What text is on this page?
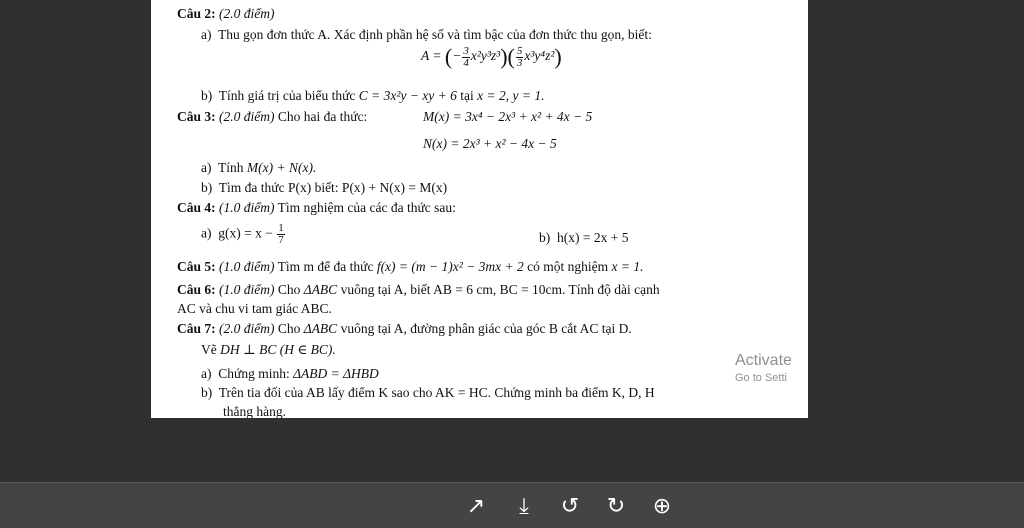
Câu 2: (2.0 điểm)
a) Thu gọn đơn thức A. Xác định phần hệ số và tìm bậc của đơn thức thu gọn, biết:
A = (− $\frac{3}{4} x^2y^3z^3)( \frac{5}{3} x^3y^4z^2)$
b) Tính giá trị của biểu thức C = 3x²y − xy + 6 tại x = 2, y = 1.
Câu 3: (2.0 điểm) Cho hai đa thức:	M(x) = 3x⁴ − 2x³ + x² + 4x − 5
N(x) = 2x³ + x² − 4x − 5
a) Tính M(x) + N(x).
b) Tìm đa thức P(x) biết: P(x) + N(x) = M(x)
Câu 4: (1.0 điểm) Tìm nghiệm của các đa thức sau:
a) $g(x) = x - \frac{1}{7}$	b) h(x) = 2x + 5
Câu 5: (1.0 điểm) Tìm m để đa thức f(x) = (m − 1)x² − 3mx + 2 có một nghiệm x = 1.
Câu 6: (1.0 điểm) Cho ΔABC vuông tại A, biết AB = 6 cm, BC = 10cm. Tính độ dài cạnh
AC và chu vi tam giác ABC.
Câu 7: (2.0 điểm) Cho ΔABC vuông tại A, đường phân giác của góc B cắt AC tại D.
Vẽ DH ⊥ BC (H ∈ BC).
a) Chứng minh: ΔABD = ΔHBD
b) Trên tia đối của AB lấy điểm K sao cho AK = HC. Chứng minh ba điểm K, D, H
thẳng hàng.
Activate
Go to Setti
↗	⤓	↺ ↻ ⊕
